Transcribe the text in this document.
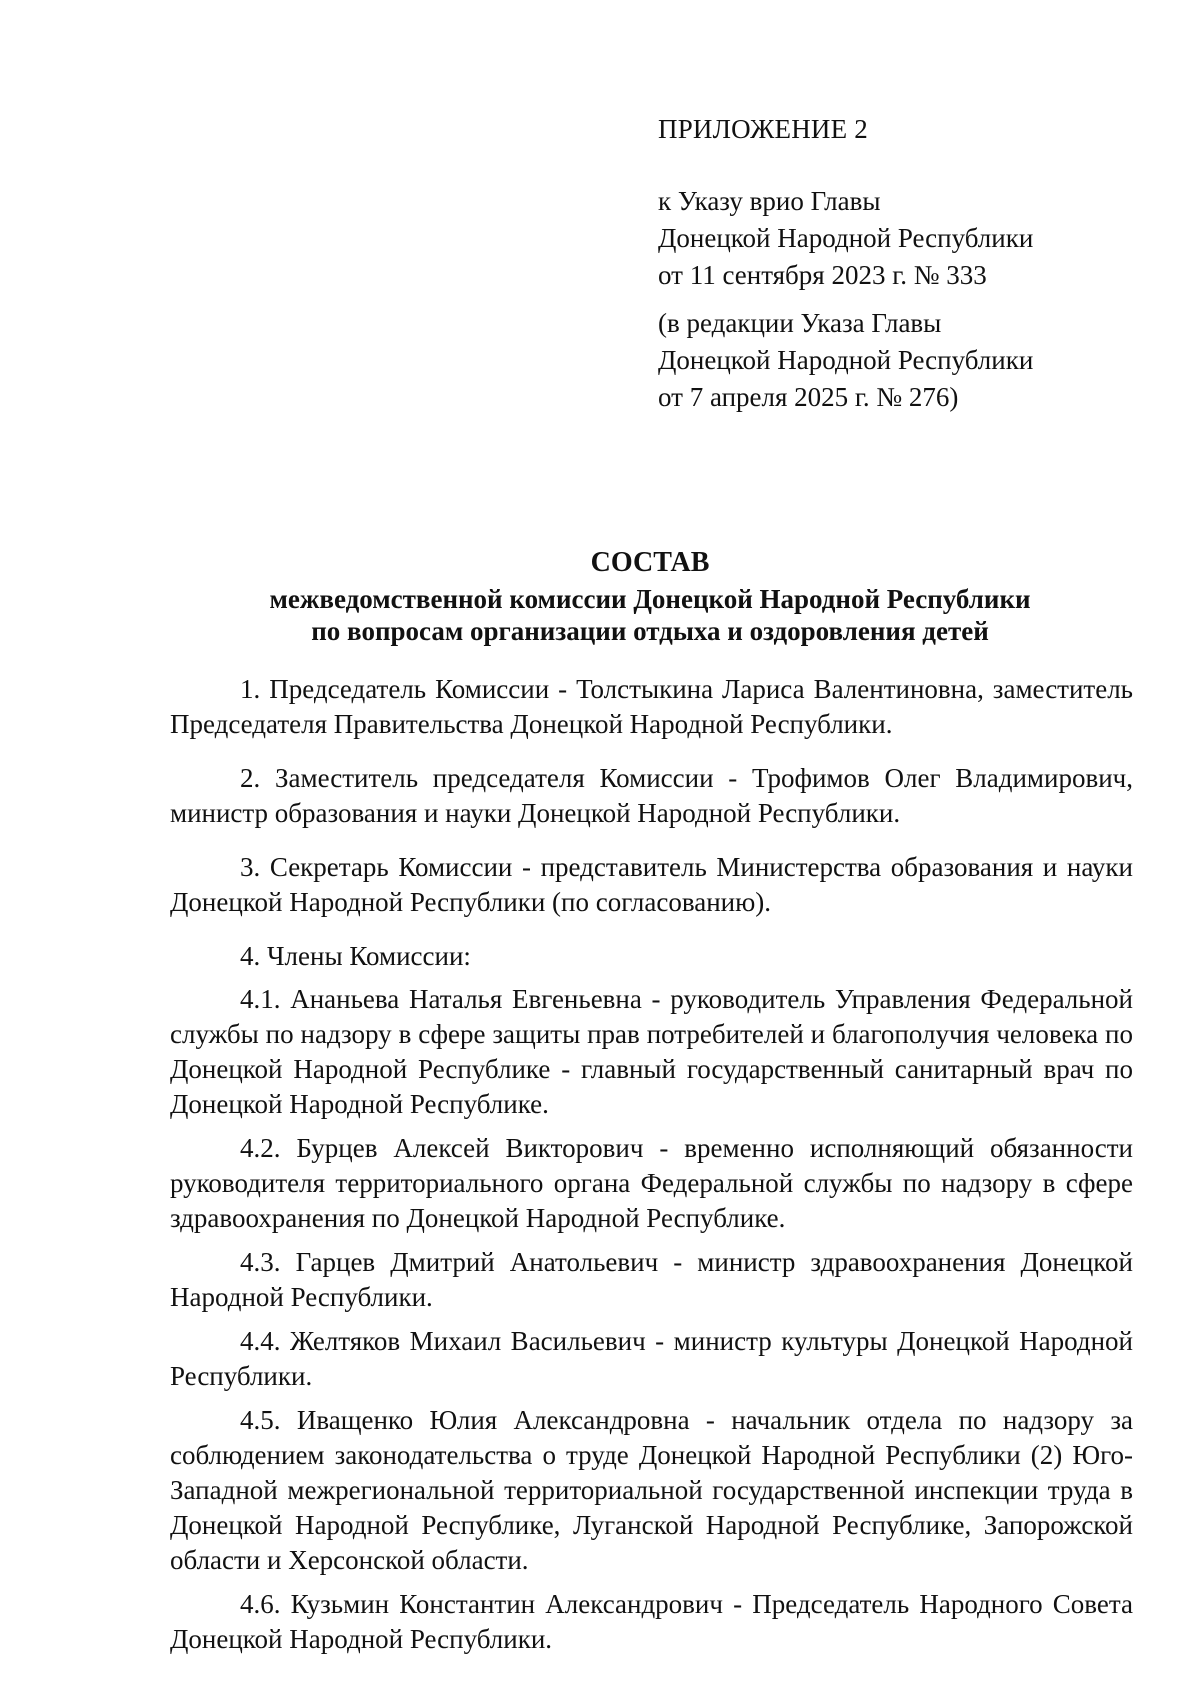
ПРИЛОЖЕНИЕ 2
к Указу врио Главы
Донецкой Народной Республики
от 11 сентября 2023 г. № 333
(в редакции Указа Главы
Донецкой Народной Республики
от 7 апреля 2025 г. № 276)
СОСТАВ
межведомственной комиссии Донецкой Народной Республики
по вопросам организации отдыха и оздоровления детей

1. Председатель Комиссии - Толстыкина Лариса Валентиновна, заместитель Председателя Правительства Донецкой Народной Республики.

2. Заместитель председателя Комиссии - Трофимов Олег Владимирович, министр образования и науки Донецкой Народной Республики.

3. Секретарь Комиссии - представитель Министерства образования и науки Донецкой Народной Республики (по согласованию).

4. Члены Комиссии:

4.1. Ананьева Наталья Евгеньевна - руководитель Управления Федеральной службы по надзору в сфере защиты прав потребителей и благополучия человека по Донецкой Народной Республике - главный государственный санитарный врач по Донецкой Народной Республике.

4.2. Бурцев Алексей Викторович - временно исполняющий обязанности руководителя территориального органа Федеральной службы по надзору в сфере здравоохранения по Донецкой Народной Республике.

4.3. Гарцев Дмитрий Анатольевич - министр здравоохранения Донецкой Народной Республики.

4.4. Желтяков Михаил Васильевич - министр культуры Донецкой Народной Республики.

4.5. Иващенко Юлия Александровна - начальник отдела по надзору за соблюдением законодательства о труде Донецкой Народной Республики (2) Юго-Западной межрегиональной территориальной государственной инспекции труда в Донецкой Народной Республике, Луганской Народной Республике, Запорожской области и Херсонской области.

4.6. Кузьмин Константин Александрович - Председатель Народного Совета Донецкой Народной Республики.
